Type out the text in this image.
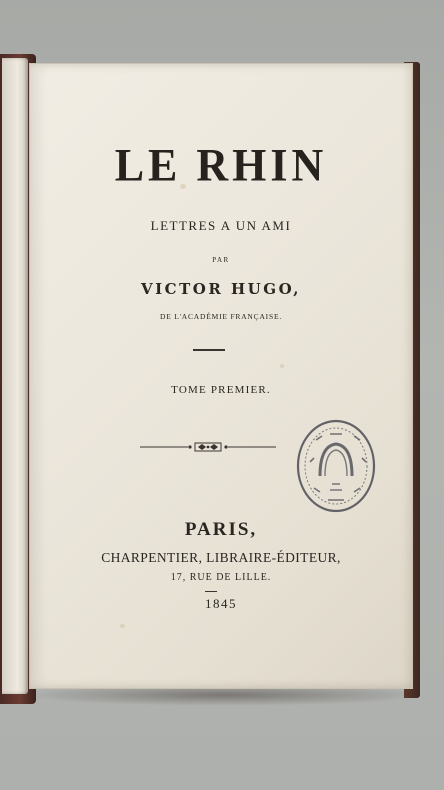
LE RHIN
LETTRES A UN AMI
PAR
VICTOR HUGO,
DE L'ACADÉMIE FRANÇAISE.
TOME PREMIER.
PARIS,
CHARPENTIER, LIBRAIRE-ÉDITEUR,
17, RUE DE LILLE.
1845
